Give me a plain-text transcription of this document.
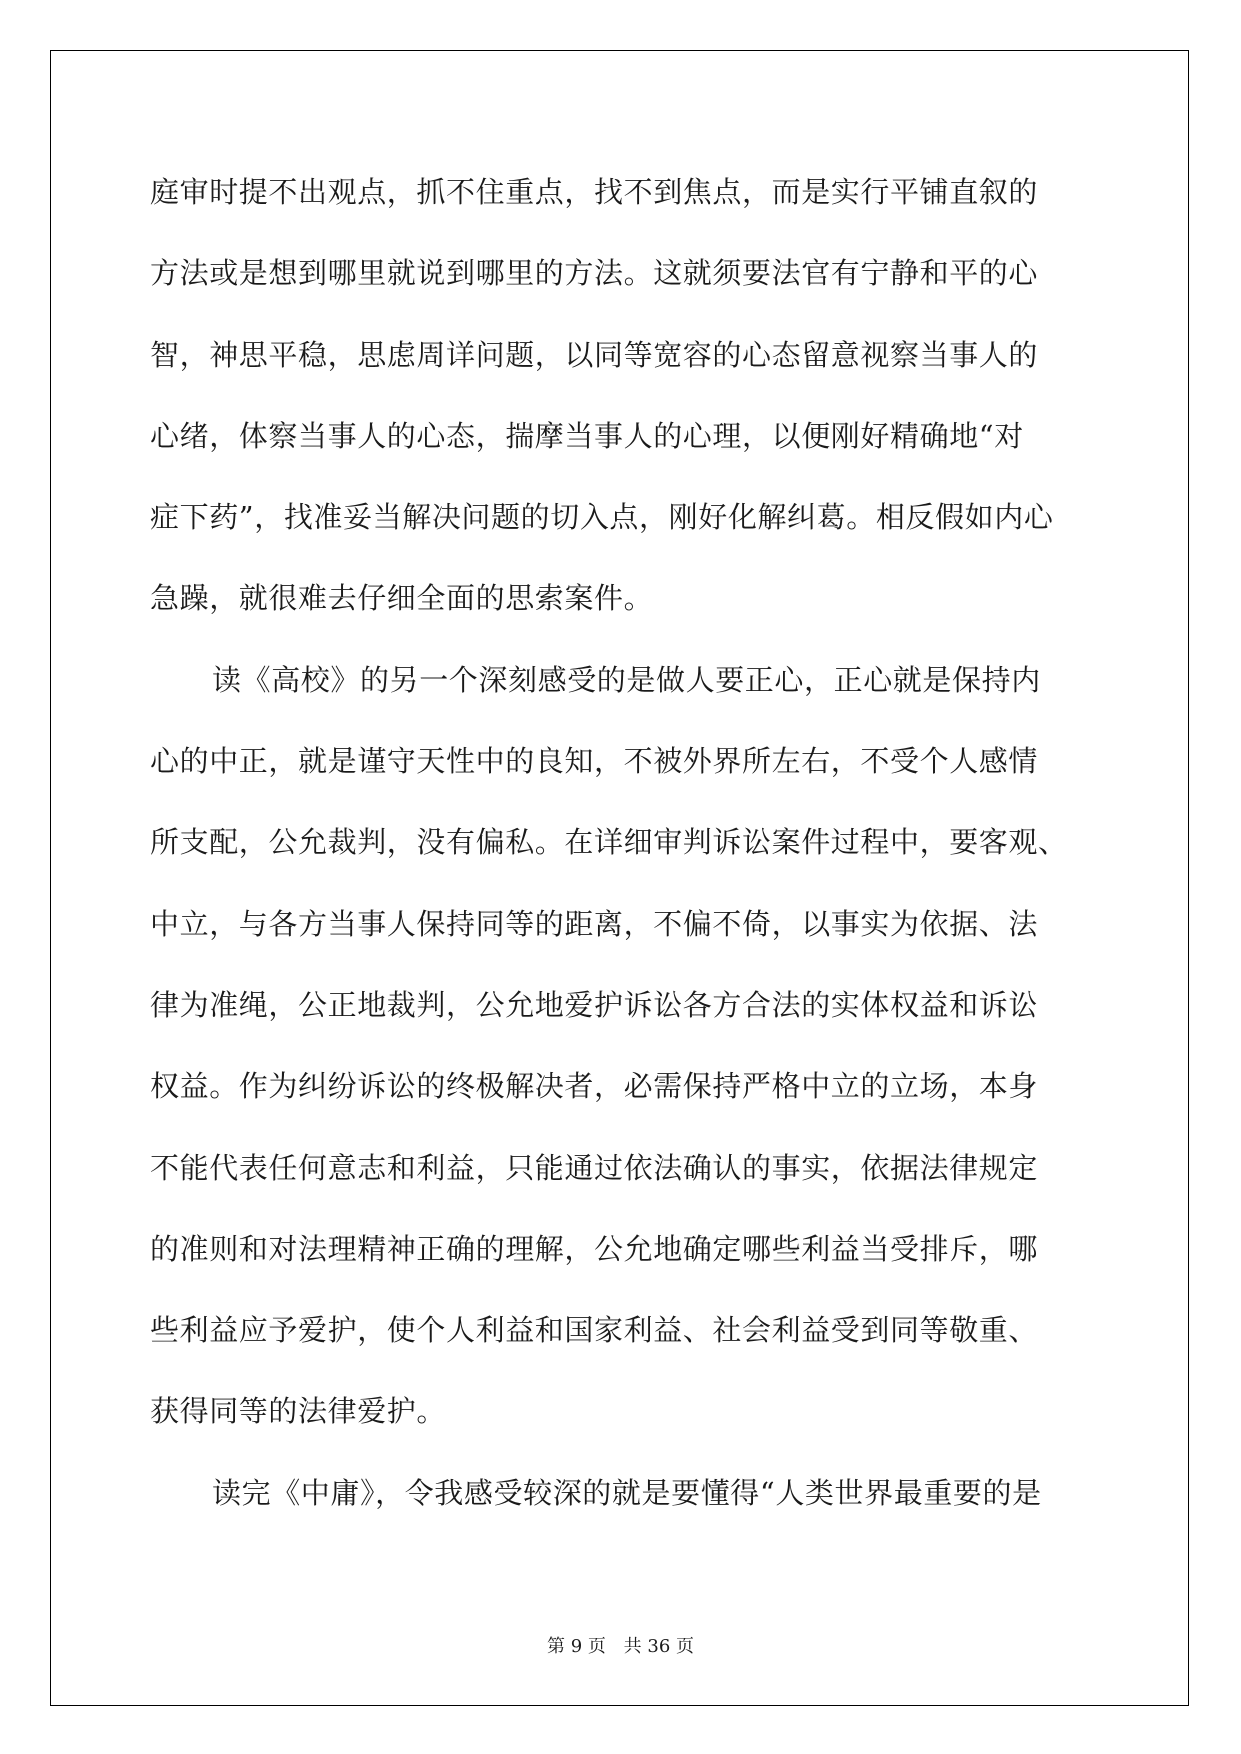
庭审时提不出观点，抓不住重点，找不到焦点，而是实行平铺直叙的
方法或是想到哪里就说到哪里的方法。这就须要法官有宁静和平的心
智，神思平稳，思虑周详问题，以同等宽容的心态留意视察当事人的
心绪，体察当事人的心态，揣摩当事人的心理，以便刚好精确地“对
症下药”，找准妥当解决问题的切入点，刚好化解纠葛。相反假如内心
急躁，就很难去仔细全面的思索案件。
读《高校》的另一个深刻感受的是做人要正心，正心就是保持内
心的中正，就是谨守天性中的良知，不被外界所左右，不受个人感情
所支配，公允裁判，没有偏私。在详细审判诉讼案件过程中，要客观、
中立，与各方当事人保持同等的距离，不偏不倚，以事实为依据、法
律为准绳，公正地裁判，公允地爱护诉讼各方合法的实体权益和诉讼
权益。作为纠纷诉讼的终极解决者，必需保持严格中立的立场，本身
不能代表任何意志和利益，只能通过依法确认的事实，依据法律规定
的准则和对法理精神正确的理解，公允地确定哪些利益当受排斥，哪
些利益应予爱护，使个人利益和国家利益、社会利益受到同等敬重、
获得同等的法律爱护。
读完《中庸》，令我感受较深的就是要懂得“人类世界最重要的是
第 9 页 共 36 页
